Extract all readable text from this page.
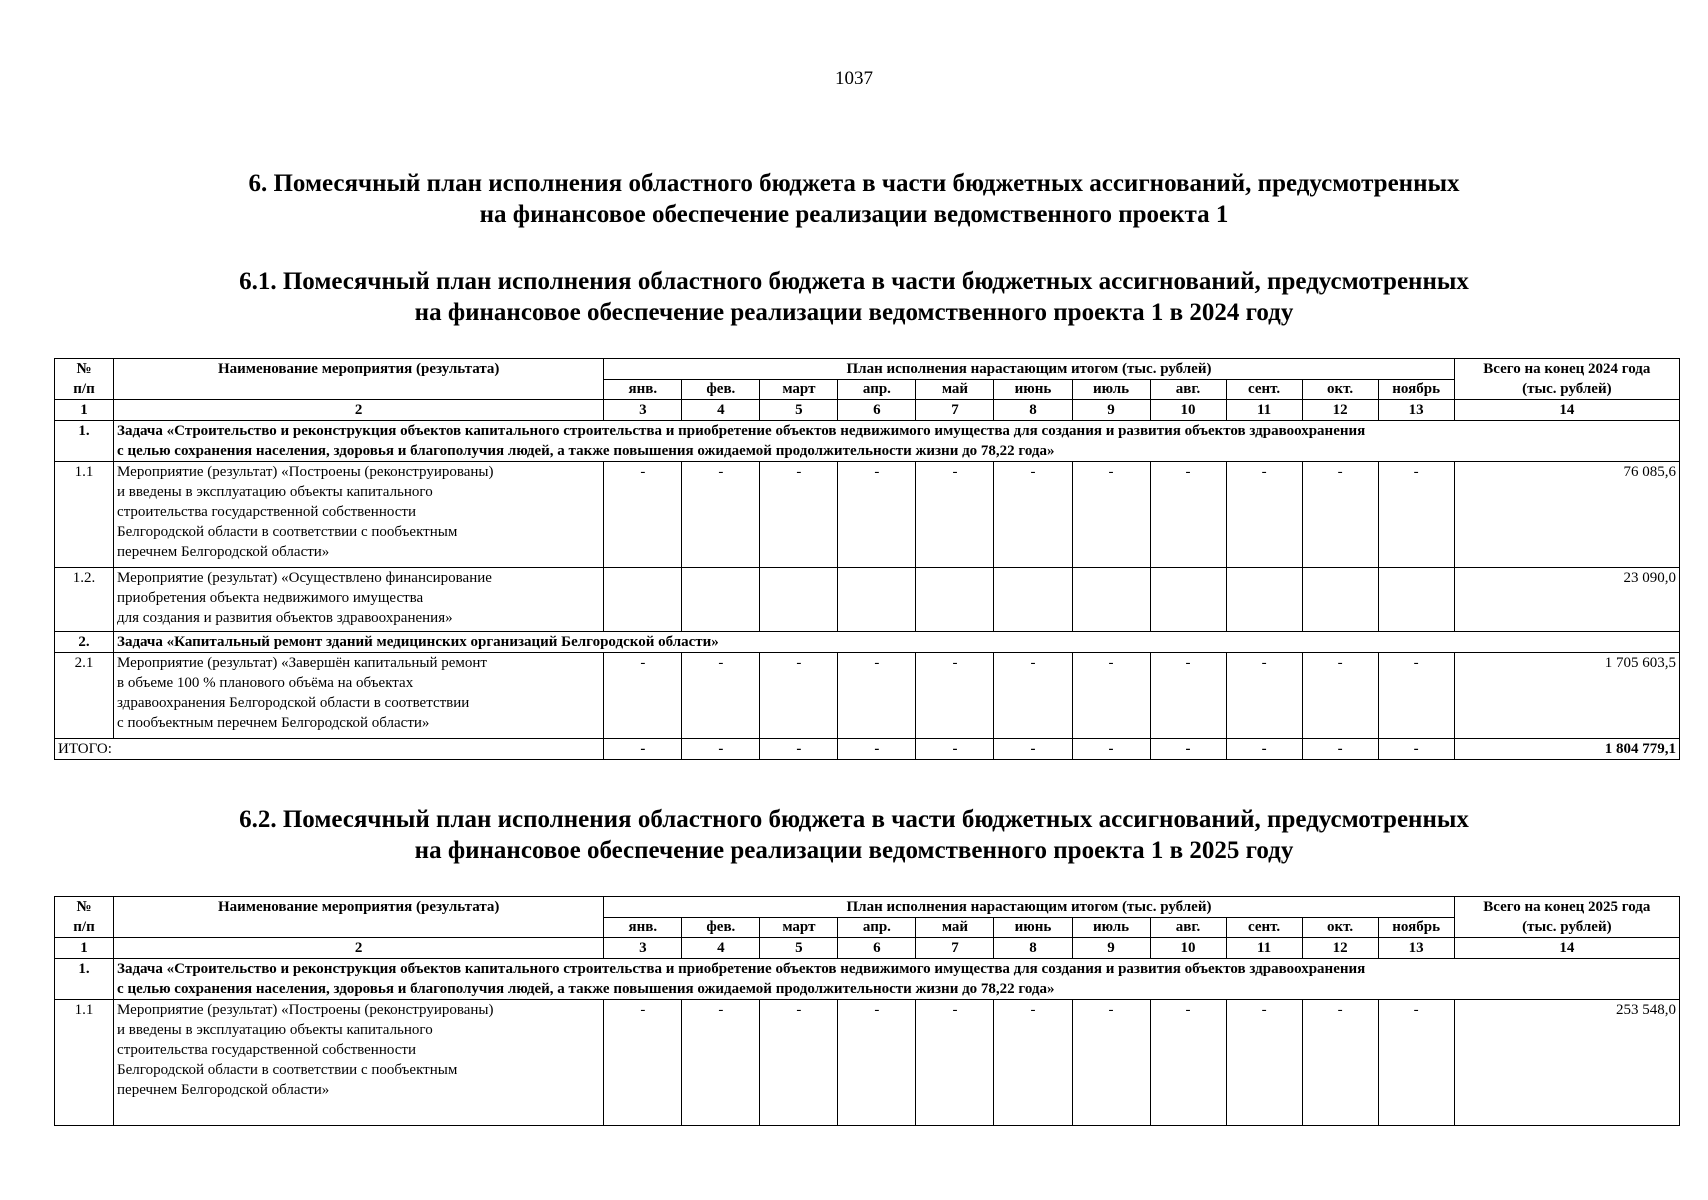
1037
6. Помесячный план исполнения областного бюджета в части бюджетных ассигнований, предусмотренных
на финансовое обеспечение реализации ведомственного проекта 1
6.1. Помесячный план исполнения областного бюджета в части бюджетных ассигнований, предусмотренных
на финансовое обеспечение реализации ведомственного проекта 1 в 2024 году
№
п/п	Наименование мероприятия (результата)	План исполнения нарастающим итогом (тыс. рублей)											Всего на конец 2024 года
(тыс. рублей)
		янв.	фев.	март	апр.	май	июнь	июль	авг.	сент.	окт.	ноябрь	
1	2	3	4	5	6	7	8	9	10	11	12	13	14
1.	Задача «Строительство и реконструкция объектов капитального строительства и приобретение объектов недвижимого имущества для создания и развития объектов здравоохранения
с целью сохранения населения, здоровья и благополучия людей, а также повышения ожидаемой продолжительности жизни до 78,22 года»												

1.1	Мероприятие (результат) «Построены (реконструированы)
и введены в эксплуатацию объекты капитального
строительства государственной собственности
Белгородской области в соответствии с пообъектным
перечнем Белгородской области»	-	-	-	-	-	-	-	-	-	-	-	76 085,6
1.2.	Мероприятие (результат) «Осуществлено финансирование
приобретения объекта недвижимого имущества
для создания и развития объектов здравоохранения»												23 090,0
2.	Задача «Капитальный ремонт зданий медицинских организаций Белгородской области»												

2.1	Мероприятие (результат) «Завершён капитальный ремонт
в объеме 100 % планового объёма на объектах
здравоохранения Белгородской области в соответствии
с пообъектным перечнем Белгородской области»	-	-	-	-	-	-	-	-	-	-	-	1 705 603,5
ИТОГО:		-	-	-	-	-	-	-	-	-	-	-	1 804 779,1
6.2. Помесячный план исполнения областного бюджета в части бюджетных ассигнований, предусмотренных
на финансовое обеспечение реализации ведомственного проекта 1 в 2025 году
№
п/п	Наименование мероприятия (результата)	План исполнения нарастающим итогом (тыс. рублей)											Всего на конец 2025 года
(тыс. рублей)
		янв.	фев.	март	апр.	май	июнь	июль	авг.	сент.	окт.	ноябрь	
1	2	3	4	5	6	7	8	9	10	11	12	13	14
1.	Задача «Строительство и реконструкция объектов капитального строительства и приобретение объектов недвижимого имущества для создания и развития объектов здравоохранения
с целью сохранения населения, здоровья и благополучия людей, а также повышения ожидаемой продолжительности жизни до 78,22 года»												

1.1	Мероприятие (результат) «Построены (реконструированы)
и введены в эксплуатацию объекты капитального
строительства государственной собственности
Белгородской области в соответствии с пообъектным
перечнем Белгородской области»	-	-	-	-	-	-	-	-	-	-	-	253 548,0
